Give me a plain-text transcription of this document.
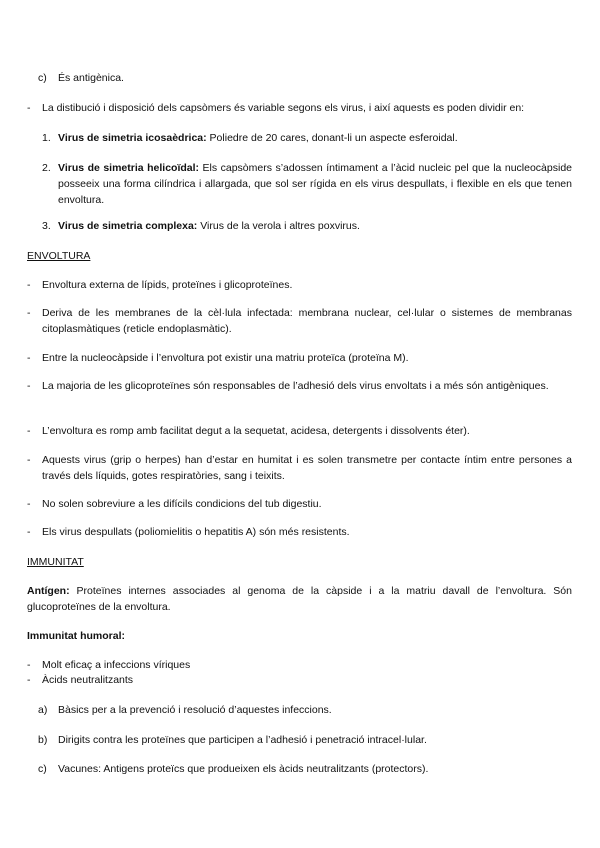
c) És antigènica.

- La distibució i disposició dels capsòmers és variable segons els virus, i així aquests es poden dividir en:

1. Virus de simetria icosaèdrica: Poliedre de 20 cares, donant-li un aspecte esferoidal.

2. Virus de simetria helicoïdal: Els capsòmers s’adossen íntimament a l’àcid nucleic pel que la nucleocàpside posseeix una forma cilíndrica i allargada, que sol ser rígida en els virus despullats, i flexible en els que tenen envoltura.

3. Virus de simetria complexa: Virus de la verola i altres poxvirus.

ENVOLTURA

- Envoltura externa de lípids, proteïnes i glicoproteïnes.

- Deriva de les membranes de la cèl·lula infectada: membrana nuclear, cel·lular o sistemes de membranas citoplasmàtiques (reticle endoplasmàtic).

- Entre la nucleocàpside i l’envoltura pot existir una matriu proteïca (proteïna M).

- La majoria de les glicoproteïnes són responsables de l’adhesió dels virus envoltats i a més són antigèniques.

- L’envoltura es romp amb facilitat degut a la sequetat, acidesa, detergents i dissolvents éter).

- Aquests virus (grip o herpes) han d’estar en humitat i es solen transmetre per contacte íntim entre persones a través dels líquids, gotes respiratòries, sang i teixits.

- No solen sobreviure a les difícils condicions del tub digestiu.

- Els virus despullats (poliomielitis o hepatitis A) són més resistents.

IMMUNITAT

Antígen: Proteïnes internes associades al genoma de la càpside i a la matriu davall de l’envoltura. Són glucoproteïnes de la envoltura.

Immunitat humoral:

- Molt eficaç a infeccions víriques

- Àcids neutralitzants

a) Bàsics per a la prevenció i resolució d’aquestes infeccions.

b) Dirigits contra les proteïnes que participen a l’adhesió i penetració intracel·lular.

c) Vacunes: Antigens proteïcs que produeixen els àcids neutralitzants (protectors).
